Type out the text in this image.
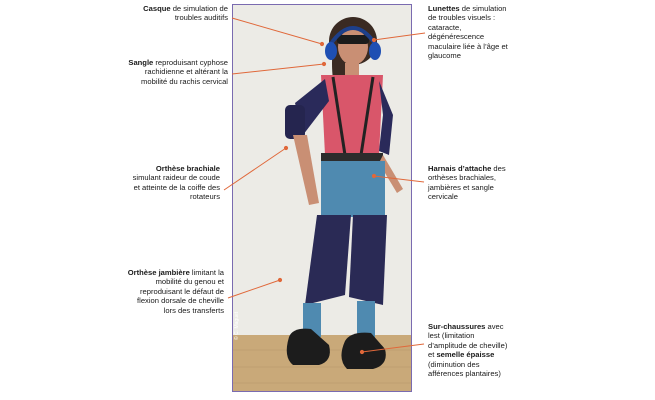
© C. Maguet
Casque de simulation de troubles auditifs
Sangle reproduisant cyphose rachidienne et altérant la mobilité du rachis cervical
Orthèse brachiale simulant raideur de coude et atteinte de la coiffe des rotateurs
Orthèse jambière limitant la mobilité du genou et reproduisant le défaut de flexion dorsale de cheville lors des transferts
Lunettes de simulation de troubles visuels : cataracte, dégénérescence maculaire liée à l’âge et glaucome
Harnais d’attache des orthèses brachiales, jambières et sangle cervicale
Sur-chaussures avec lest (limitation d’amplitude de cheville) et semelle épaisse (diminution des afférences plantaires)
